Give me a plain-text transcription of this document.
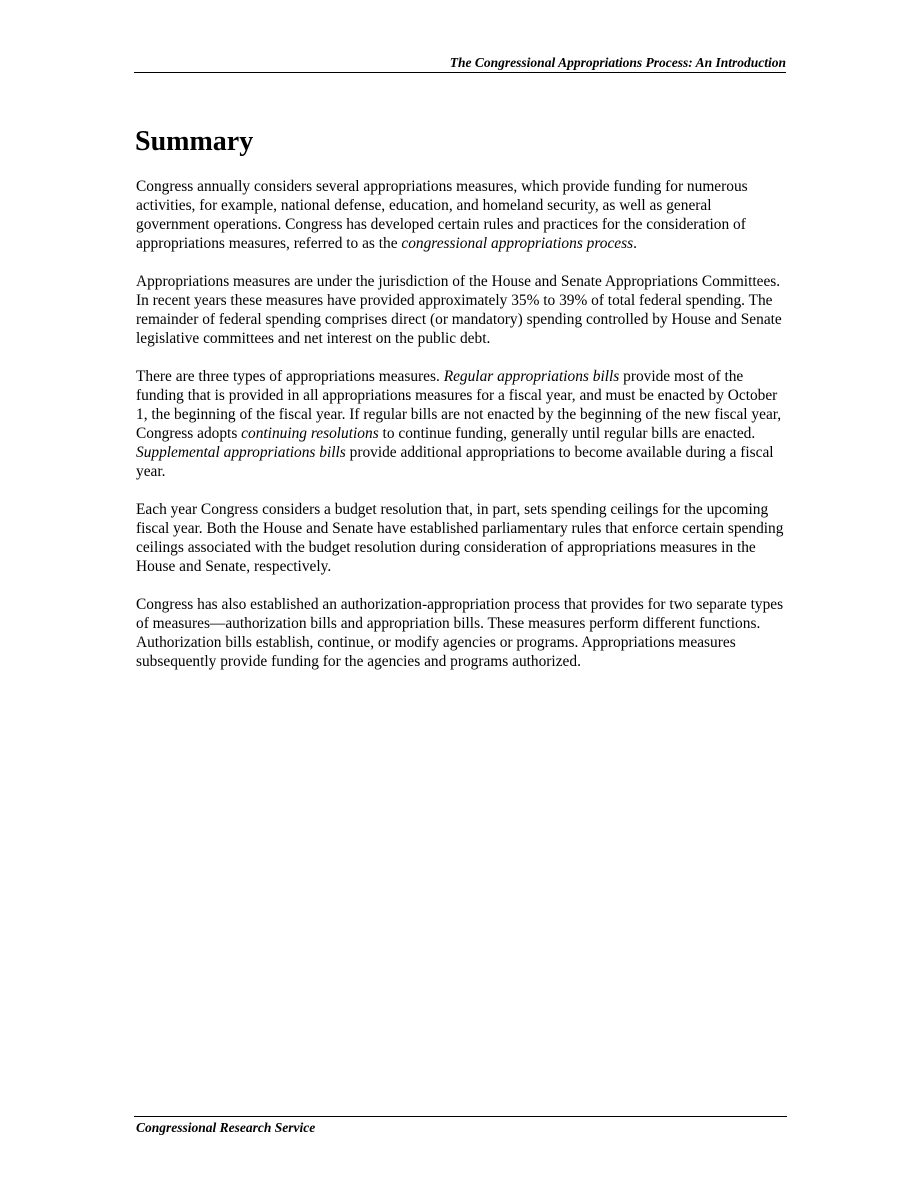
The Congressional Appropriations Process: An Introduction
Summary

Congress annually considers several appropriations measures, which provide funding for numerous activities, for example, national defense, education, and homeland security, as well as general government operations. Congress has developed certain rules and practices for the consideration of appropriations measures, referred to as the congressional appropriations process.

Appropriations measures are under the jurisdiction of the House and Senate Appropriations Committees. In recent years these measures have provided approximately 35% to 39% of total federal spending. The remainder of federal spending comprises direct (or mandatory) spending controlled by House and Senate legislative committees and net interest on the public debt.

There are three types of appropriations measures. Regular appropriations bills provide most of the funding that is provided in all appropriations measures for a fiscal year, and must be enacted by October 1, the beginning of the fiscal year. If regular bills are not enacted by the beginning of the new fiscal year, Congress adopts continuing resolutions to continue funding, generally until regular bills are enacted. Supplemental appropriations bills provide additional appropriations to become available during a fiscal year.

Each year Congress considers a budget resolution that, in part, sets spending ceilings for the upcoming fiscal year. Both the House and Senate have established parliamentary rules that enforce certain spending ceilings associated with the budget resolution during consideration of appropriations measures in the House and Senate, respectively.

Congress has also established an authorization-appropriation process that provides for two separate types of measures—authorization bills and appropriation bills. These measures perform different functions. Authorization bills establish, continue, or modify agencies or programs. Appropriations measures subsequently provide funding for the agencies and programs authorized.

Congressional Research Service
